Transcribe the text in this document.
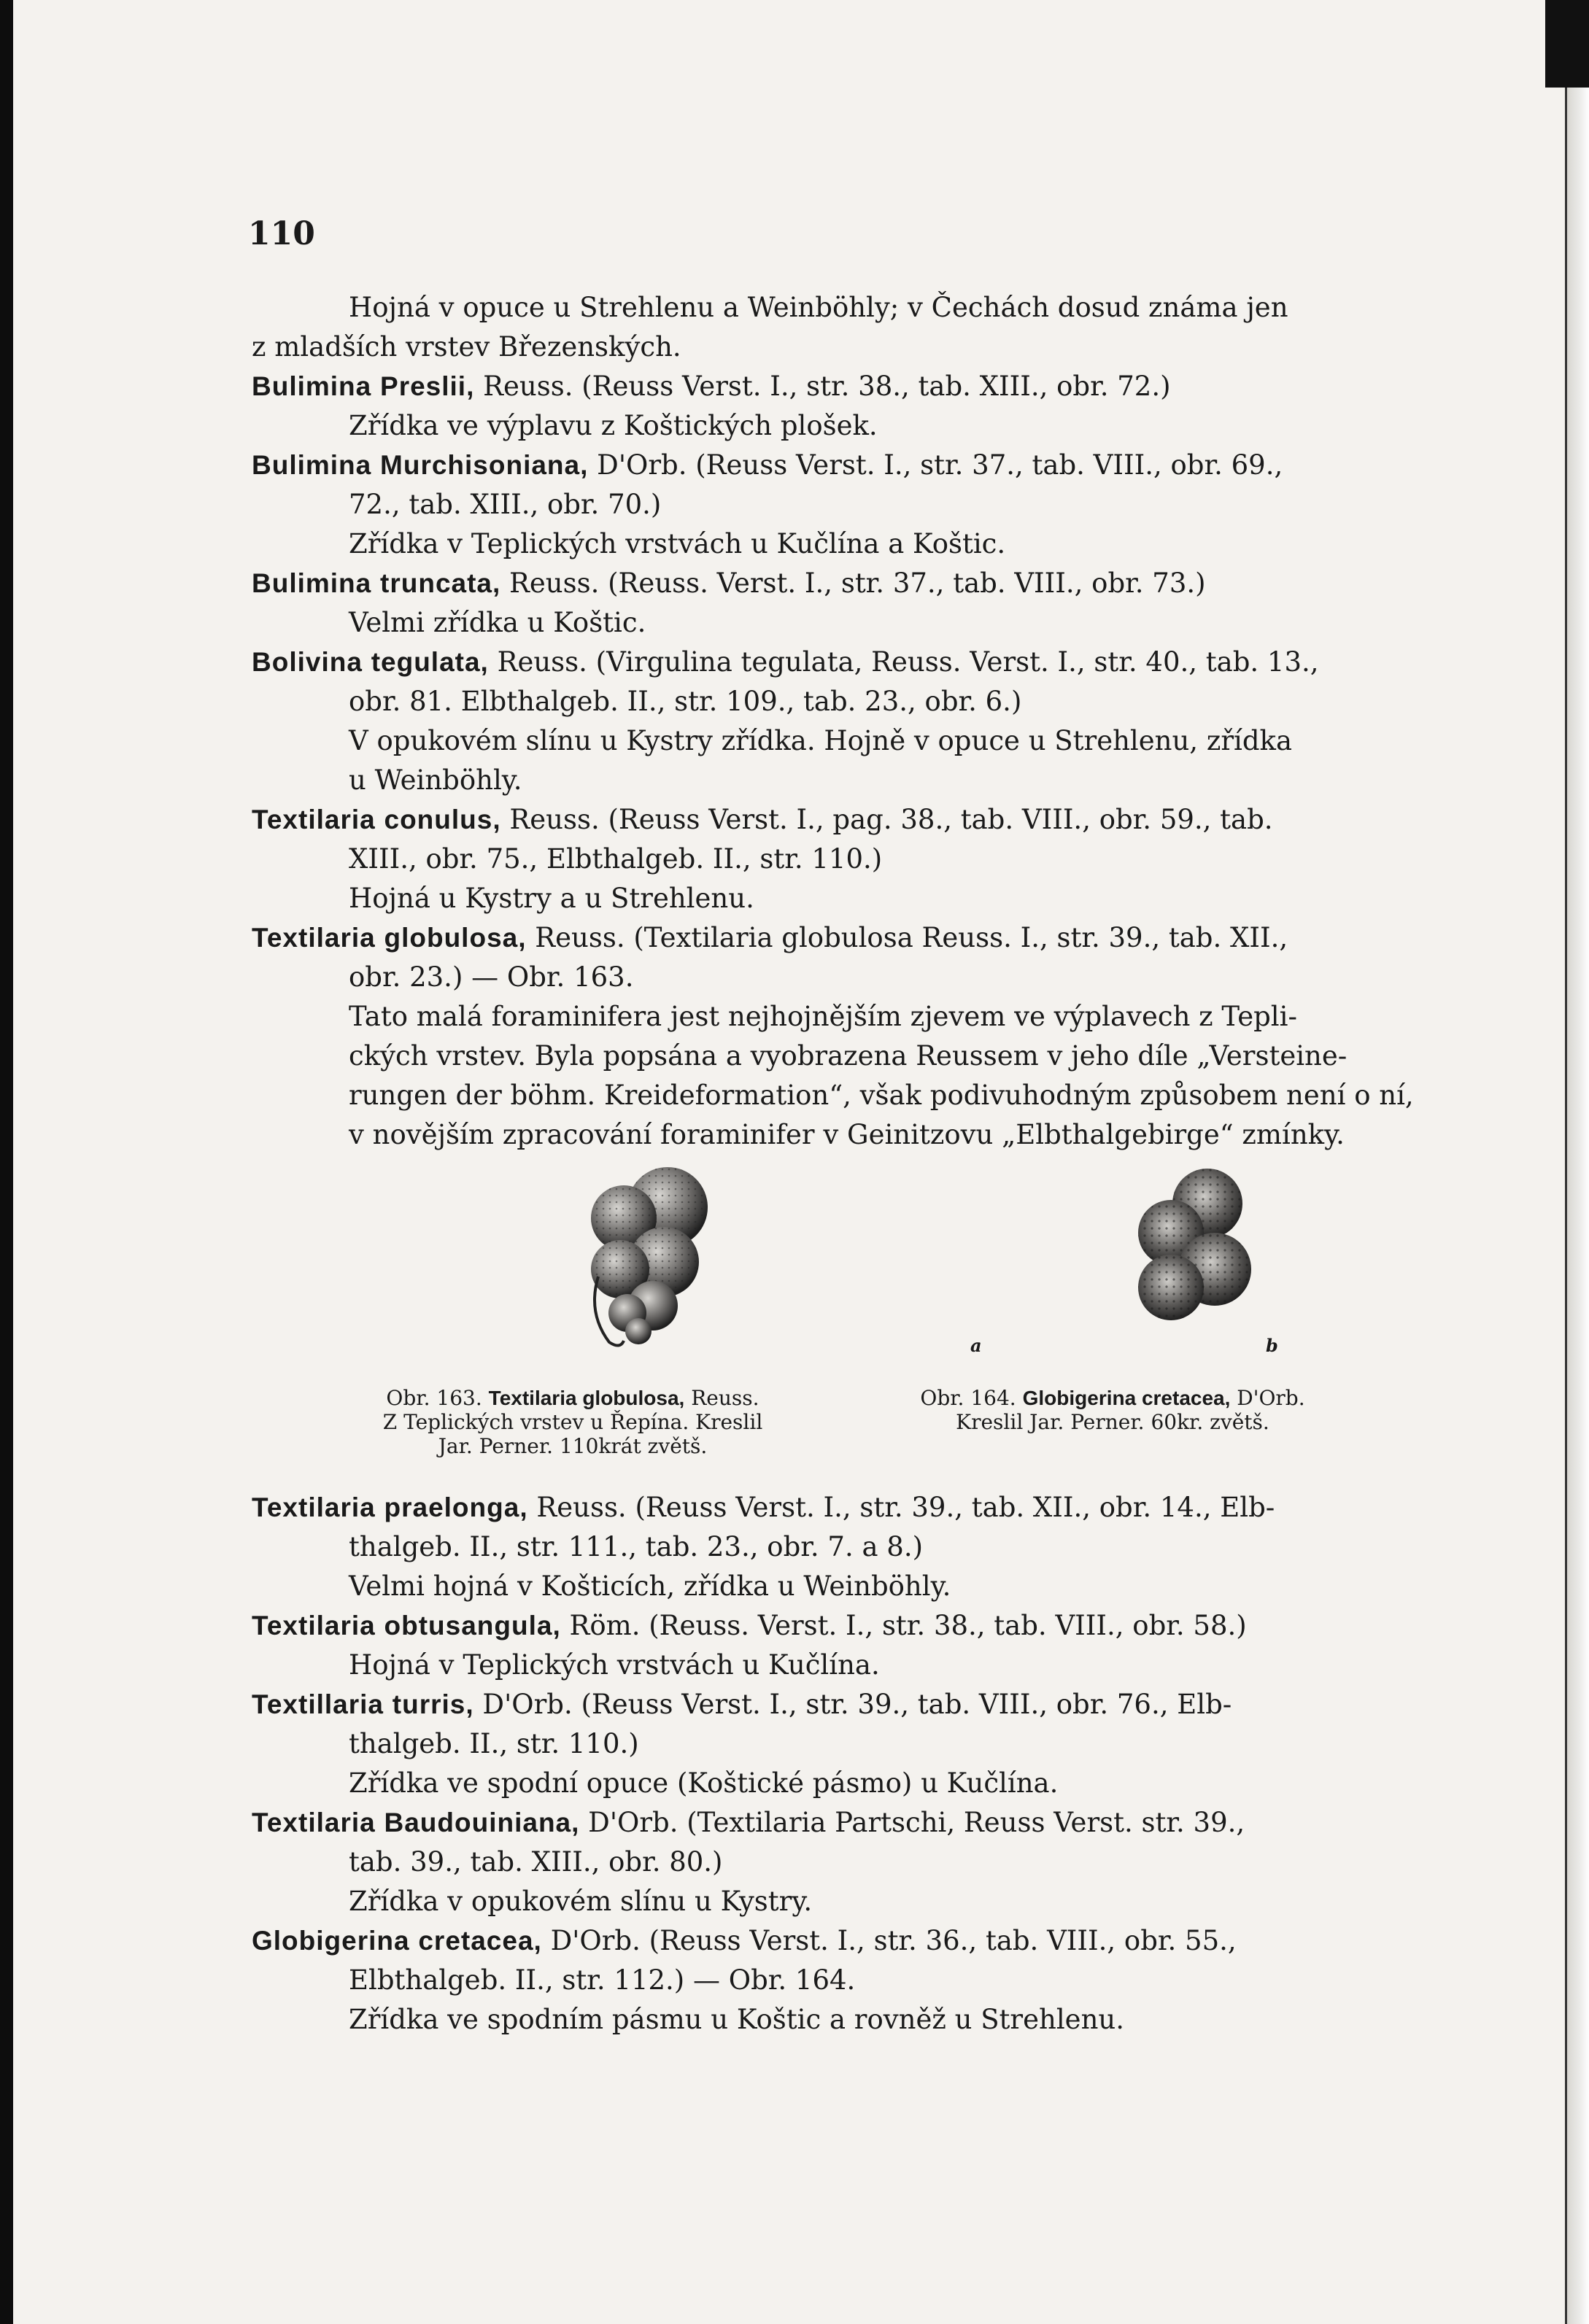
110
Hojná v opuce u Strehlenu a Weinböhly; v Čechách dosud známa jen
z mladších vrstev Březenských.
Bulimina Preslii, Reuss. (Reuss Verst. I., str. 38., tab. XIII., obr. 72.)
Zřídka ve výplavu z Koštických plošek.
Bulimina Murchisoniana, D'Orb. (Reuss Verst. I., str. 37., tab. VIII., obr. 69.,
72., tab. XIII., obr. 70.)
Zřídka v Teplických vrstvách u Kučlína a Koštic.
Bulimina truncata, Reuss. (Reuss. Verst. I., str. 37., tab. VIII., obr. 73.)
Velmi zřídka u Koštic.
Bolivina tegulata, Reuss. (Virgulina tegulata, Reuss. Verst. I., str. 40., tab. 13.,
obr. 81. Elbthalgeb. II., str. 109., tab. 23., obr. 6.)
V opukovém slínu u Kystry zřídka. Hojně v opuce u Strehlenu, zřídka
u Weinböhly.
Textilaria conulus, Reuss. (Reuss Verst. I., pag. 38., tab. VIII., obr. 59., tab.
XIII., obr. 75., Elbthalgeb. II., str. 110.)
Hojná u Kystry a u Strehlenu.
Textilaria globulosa, Reuss. (Textilaria globulosa Reuss. I., str. 39., tab. XII.,
obr. 23.) — Obr. 163.
Tato malá foraminifera jest nejhojnějším zjevem ve výplavech z Tepli-
ckých vrstev. Byla popsána a vyobrazena Reussem v jeho díle „Versteine-
rungen der böhm. Kreideformation“, však podivuhodným způsobem není o ní,
v novějším zpracování foraminifer v Geinitzovu „Elbthalgebirge“ zmínky.
a	b
Obr. 163. Textilaria globulosa, Reuss.
Z Teplických vrstev u Řepína. Kreslil
Jar. Perner. 110krát zvětš.
Obr. 164. Globigerina cretacea, D'Orb.
Kreslil Jar. Perner. 60kr. zvětš.
Textilaria praelonga, Reuss. (Reuss Verst. I., str. 39., tab. XII., obr. 14., Elb-
thalgeb. II., str. 111., tab. 23., obr. 7. a 8.)
Velmi hojná v Košticích, zřídka u Weinböhly.
Textilaria obtusangula, Röm. (Reuss. Verst. I., str. 38., tab. VIII., obr. 58.)
Hojná v Teplických vrstvách u Kučlína.
Textillaria turris, D'Orb. (Reuss Verst. I., str. 39., tab. VIII., obr. 76., Elb-
thalgeb. II., str. 110.)
Zřídka ve spodní opuce (Koštické pásmo) u Kučlína.
Textilaria Baudouiniana, D'Orb. (Textilaria Partschi, Reuss Verst. str. 39.,
tab. 39., tab. XIII., obr. 80.)
Zřídka v opukovém slínu u Kystry.
Globigerina cretacea, D'Orb. (Reuss Verst. I., str. 36., tab. VIII., obr. 55.,
Elbthalgeb. II., str. 112.) — Obr. 164.
Zřídka ve spodním pásmu u Koštic a rovněž u Strehlenu.
